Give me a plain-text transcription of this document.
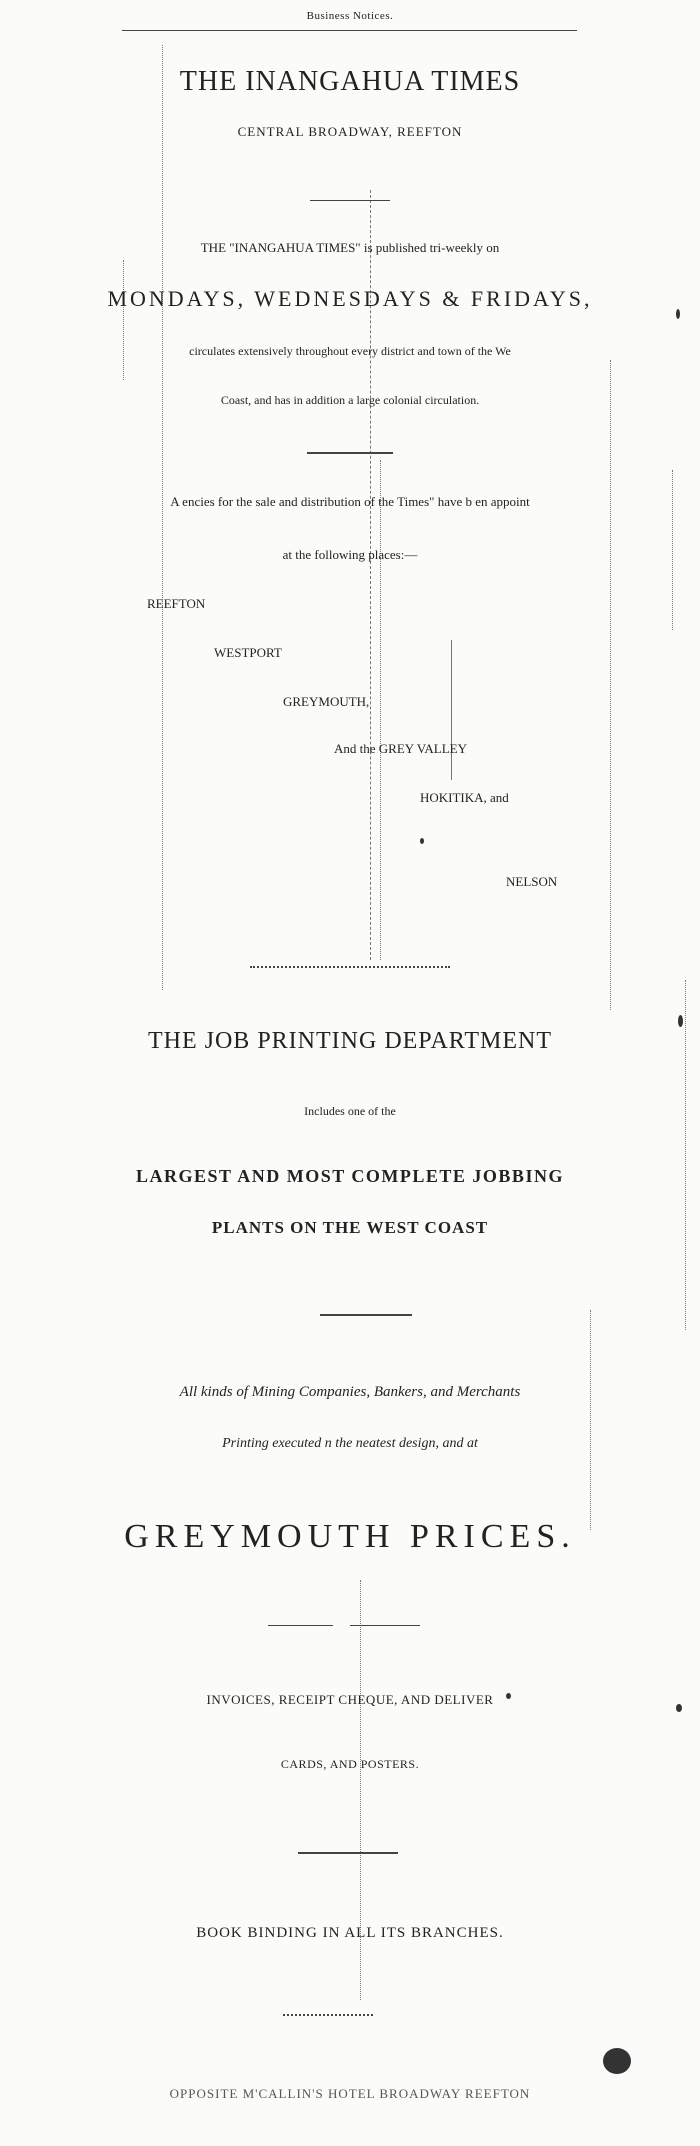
Business Notices.
THE INANGAHUA TIMES
CENTRAL BROADWAY, REEFTON
THE "INANGAHUA TIMES" is published tri-weekly on
MONDAYS, WEDNESDAYS & FRIDAYS,
circulates extensively throughout every district and town of the We
Coast, and has in addition a large colonial circulation.
A encies for the sale and distribution of the Times" have b en appoint
at the following places:—
REEFTON
WESTPORT
GREYMOUTH,
And the GREY VALLEY
HOKITIKA, and
NELSON
THE JOB PRINTING DEPARTMENT
Includes one of the
LARGEST AND MOST COMPLETE JOBBING
PLANTS ON THE WEST COAST
All kinds of Mining Companies, Bankers, and Merchants
Printing executed n the neatest design, and at
GREYMOUTH PRICES.
INVOICES, RECEIPT CHEQUE, AND DELIVER
CARDS, AND POSTERS.
BOOK BINDING IN ALL ITS BRANCHES.
OPPOSITE M'CALLIN'S HOTEL BROADWAY REEFTON
